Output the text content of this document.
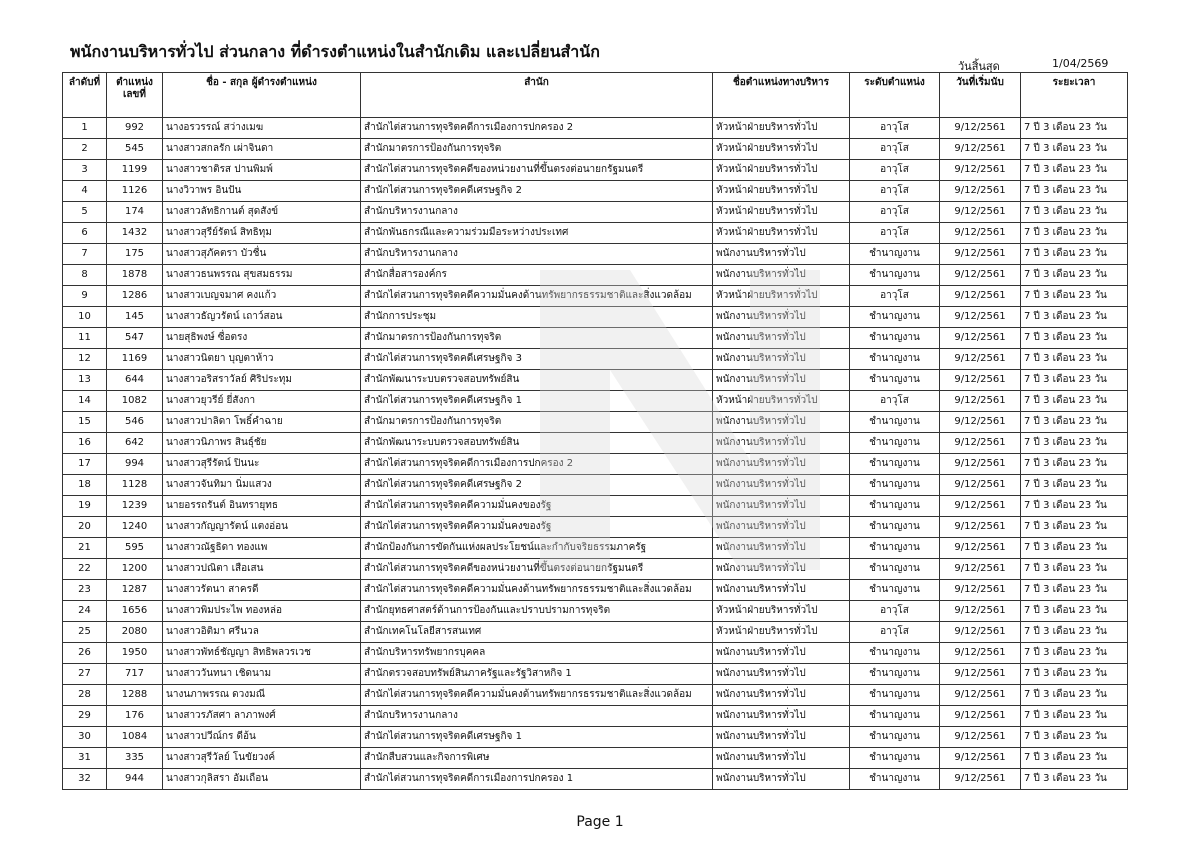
พนักงานบริหารทั่วไป ส่วนกลาง ที่ดำรงตำแหน่งในสำนักเดิม และเปลี่ยนสำนัก
วันสิ้นสุด	1/04/2569
ลำดับที่	ตำแหน่ง เลขที่	ชื่อ - สกุล ผู้ดำรงตำแหน่ง	สำนัก	ชื่อตำแหน่งทางบริหาร	ระดับตำแหน่ง	วันที่เริ่มนับ	ระยะเวลา
1	992	นางอรวรรณ์ สว่างเมฆ	สำนักไต่สวนการทุจริตคดีการเมืองการปกครอง 2	หัวหน้าฝ่ายบริหารทั่วไป	อาวุโส	9/12/2561	7 ปี 3 เดือน 23 วัน
2	545	นางสาวสกลรัก เผ่าจินดา	สำนักมาตรการป้องกันการทุจริต	หัวหน้าฝ่ายบริหารทั่วไป	อาวุโส	9/12/2561	7 ปี 3 เดือน 23 วัน
3	1199	นางสาวชาติรส ปานพิมพ์	สำนักไต่สวนการทุจริตคดีของหน่วยงานที่ขึ้นตรงต่อนายกรัฐมนตรี	หัวหน้าฝ่ายบริหารทั่วไป	อาวุโส	9/12/2561	7 ปี 3 เดือน 23 วัน
4	1126	นางวิวาพร อินปัน	สำนักไต่สวนการทุจริตคดีเศรษฐกิจ 2	หัวหน้าฝ่ายบริหารทั่วไป	อาวุโส	9/12/2561	7 ปี 3 เดือน 23 วัน
5	174	นางสาวลัทธิกานต์ สุดสังข์	สำนักบริหารงานกลาง	หัวหน้าฝ่ายบริหารทั่วไป	อาวุโส	9/12/2561	7 ปี 3 เดือน 23 วัน
6	1432	นางสาวสุรีย์รัตน์ สิทธิทุม	สำนักพันธกรณีและความร่วมมือระหว่างประเทศ	หัวหน้าฝ่ายบริหารทั่วไป	อาวุโส	9/12/2561	7 ปี 3 เดือน 23 วัน
7	175	นางสาวสุภัคตรา บัวชื่น	สำนักบริหารงานกลาง	พนักงานบริหารทั่วไป	ชำนาญงาน	9/12/2561	7 ปี 3 เดือน 23 วัน
8	1878	นางสาวธนพรรณ สุขสมธรรม	สำนักสื่อสารองค์กร	พนักงานบริหารทั่วไป	ชำนาญงาน	9/12/2561	7 ปี 3 เดือน 23 วัน
9	1286	นางสาวเบญจมาศ คงแก้ว	สำนักไต่สวนการทุจริตคดีความมั่นคงด้านทรัพยากรธรรมชาติและสิ่งแวดล้อม	หัวหน้าฝ่ายบริหารทั่วไป	อาวุโส	9/12/2561	7 ปี 3 เดือน 23 วัน
10	145	นางสาวธัญวรัตน์ เถาว์สอน	สำนักการประชุม	พนักงานบริหารทั่วไป	ชำนาญงาน	9/12/2561	7 ปี 3 เดือน 23 วัน
11	547	นายสุธิพงษ์ ซื่อตรง	สำนักมาตรการป้องกันการทุจริต	พนักงานบริหารทั่วไป	ชำนาญงาน	9/12/2561	7 ปี 3 เดือน 23 วัน
12	1169	นางสาวนิตยา บุญตาห้าว	สำนักไต่สวนการทุจริตคดีเศรษฐกิจ 3	พนักงานบริหารทั่วไป	ชำนาญงาน	9/12/2561	7 ปี 3 เดือน 23 วัน
13	644	นางสาวอริสราวัลย์ ศิริประทุม	สำนักพัฒนาระบบตรวจสอบทรัพย์สิน	พนักงานบริหารทั่วไป	ชำนาญงาน	9/12/2561	7 ปี 3 เดือน 23 วัน
14	1082	นางสาวยุวรีย์ ยี่สังกา	สำนักไต่สวนการทุจริตคดีเศรษฐกิจ 1	หัวหน้าฝ่ายบริหารทั่วไป	อาวุโส	9/12/2561	7 ปี 3 เดือน 23 วัน
15	546	นางสาวปาลิดา โพธิ์คำฉาย	สำนักมาตรการป้องกันการทุจริต	พนักงานบริหารทั่วไป	ชำนาญงาน	9/12/2561	7 ปี 3 เดือน 23 วัน
16	642	นางสาวนิภาพร สินธุ์ชัย	สำนักพัฒนาระบบตรวจสอบทรัพย์สิน	พนักงานบริหารทั่วไป	ชำนาญงาน	9/12/2561	7 ปี 3 เดือน 23 วัน
17	994	นางสาวสุรีรัตน์ ปินนะ	สำนักไต่สวนการทุจริตคดีการเมืองการปกครอง 2	พนักงานบริหารทั่วไป	ชำนาญงาน	9/12/2561	7 ปี 3 เดือน 23 วัน
18	1128	นางสาวจันทิมา นิ่มแสวง	สำนักไต่สวนการทุจริตคดีเศรษฐกิจ 2	พนักงานบริหารทั่วไป	ชำนาญงาน	9/12/2561	7 ปี 3 เดือน 23 วัน
19	1239	นายอรรถรันต์ อินทรายุทธ	สำนักไต่สวนการทุจริตคดีความมั่นคงของรัฐ	พนักงานบริหารทั่วไป	ชำนาญงาน	9/12/2561	7 ปี 3 เดือน 23 วัน
20	1240	นางสาวกัญญารัตน์ แตงอ่อน	สำนักไต่สวนการทุจริตคดีความมั่นคงของรัฐ	พนักงานบริหารทั่วไป	ชำนาญงาน	9/12/2561	7 ปี 3 เดือน 23 วัน
21	595	นางสาวณัฐธิดา ทองแพ	สำนักป้องกันการขัดกันแห่งผลประโยชน์และกำกับจริยธรรมภาครัฐ	พนักงานบริหารทั่วไป	ชำนาญงาน	9/12/2561	7 ปี 3 เดือน 23 วัน
22	1200	นางสาวปณิตา เสือเสน	สำนักไต่สวนการทุจริตคดีของหน่วยงานที่ขึ้นตรงต่อนายกรัฐมนตรี	พนักงานบริหารทั่วไป	ชำนาญงาน	9/12/2561	7 ปี 3 เดือน 23 วัน
23	1287	นางสาวรัตนา สาครดี	สำนักไต่สวนการทุจริตคดีความมั่นคงด้านทรัพยากรธรรมชาติและสิ่งแวดล้อม	พนักงานบริหารทั่วไป	ชำนาญงาน	9/12/2561	7 ปี 3 เดือน 23 วัน
24	1656	นางสาวพิมประไพ ทองหล่อ	สำนักยุทธศาสตร์ด้านการป้องกันและปราบปรามการทุจริต	หัวหน้าฝ่ายบริหารทั่วไป	อาวุโส	9/12/2561	7 ปี 3 เดือน 23 วัน
25	2080	นางสาวอิติมา ศรีนวล	สำนักเทคโนโลยีสารสนเทศ	หัวหน้าฝ่ายบริหารทั่วไป	อาวุโส	9/12/2561	7 ปี 3 เดือน 23 วัน
26	1950	นางสาวพัทธ์ชัญญา สิทธิพลวรเวช	สำนักบริหารทรัพยากรบุคคล	พนักงานบริหารทั่วไป	ชำนาญงาน	9/12/2561	7 ปี 3 เดือน 23 วัน
27	717	นางสาววันทนา เชิดนาม	สำนักตรวจสอบทรัพย์สินภาครัฐและรัฐวิสาหกิจ 1	พนักงานบริหารทั่วไป	ชำนาญงาน	9/12/2561	7 ปี 3 เดือน 23 วัน
28	1288	นางนภาพรรณ ดวงมณี	สำนักไต่สวนการทุจริตคดีความมั่นคงด้านทรัพยากรธรรมชาติและสิ่งแวดล้อม	พนักงานบริหารทั่วไป	ชำนาญงาน	9/12/2561	7 ปี 3 เดือน 23 วัน
29	176	นางสาวรภัสศา ลาภาพงศ์	สำนักบริหารงานกลาง	พนักงานบริหารทั่วไป	ชำนาญงาน	9/12/2561	7 ปี 3 เดือน 23 วัน
30	1084	นางสาวปวีณ์กร ดีอ้น	สำนักไต่สวนการทุจริตคดีเศรษฐกิจ 1	พนักงานบริหารทั่วไป	ชำนาญงาน	9/12/2561	7 ปี 3 เดือน 23 วัน
31	335	นางสาวสุรีวัลย์ โนขัยวงค์	สำนักสืบสวนและกิจการพิเศษ	พนักงานบริหารทั่วไป	ชำนาญงาน	9/12/2561	7 ปี 3 เดือน 23 วัน
32	944	นางสาวกุลิสรา อัมเถือน	สำนักไต่สวนการทุจริตคดีการเมืองการปกครอง 1	พนักงานบริหารทั่วไป	ชำนาญงาน	9/12/2561	7 ปี 3 เดือน 23 วัน
Page 1
